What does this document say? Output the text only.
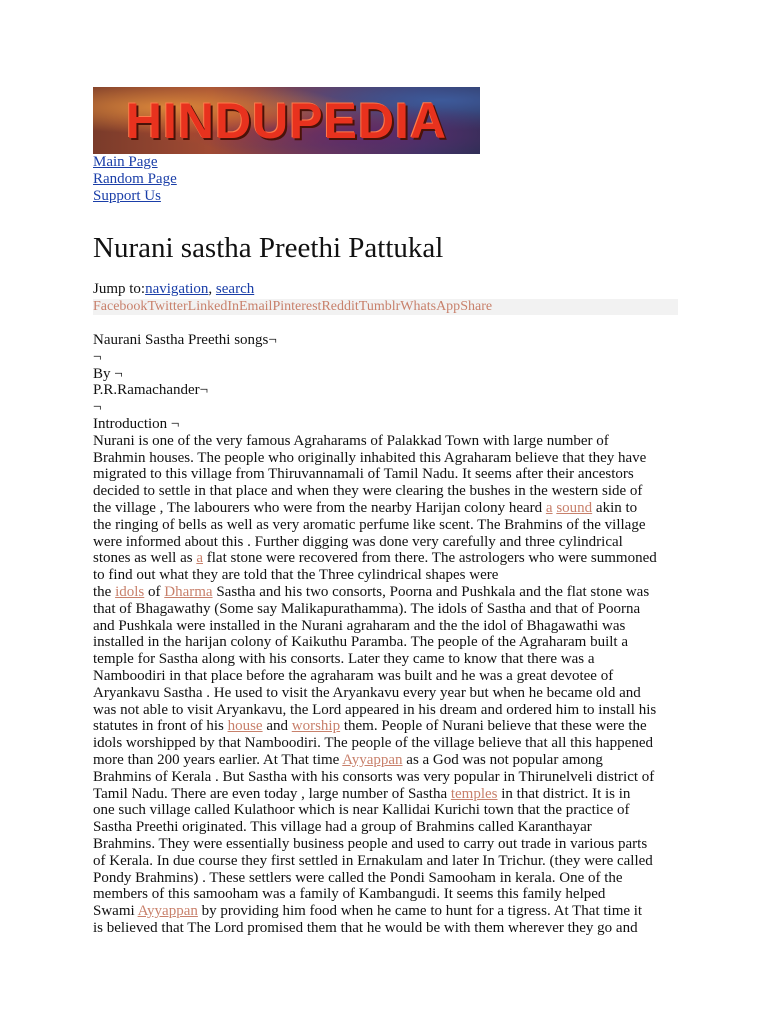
HINDUPEDIA
Main Page
Random Page
Support Us
Nurani sastha Preethi Pattukal
Jump to:navigation, search
FacebookTwitterLinkedInEmailPinterestRedditTumblrWhatsAppShare
Naurani Sastha Preethi songs¬
¬
By ¬
P.R.Ramachander¬
¬
Introduction ¬
Nurani is one of the very famous Agraharams of Palakkad Town with large number of
Brahmin houses. The people who originally inhabited this Agraharam believe that they have
migrated to this village from Thiruvannamali of Tamil Nadu. It seems after their ancestors
decided to settle in that place and when they were clearing the bushes in the western side of
the village , The labourers who were from the nearby Harijan colony heard a sound akin to
the ringing of bells as well as very aromatic perfume like scent. The Brahmins of the village
were informed about this . Further digging was done very carefully and three cylindrical
stones as well as a flat stone were recovered from there. The astrologers who were summoned
to find out what they are told that the Three cylindrical shapes were
the idols of Dharma Sastha and his two consorts, Poorna and Pushkala and the flat stone was
that of Bhagawathy (Some say Malikapurathamma). The idols of Sastha and that of Poorna
and Pushkala were installed in the Nurani agraharam and the the idol of Bhagawathi was
installed in the harijan colony of Kaikuthu Paramba. The people of the Agraharam built a
temple for Sastha along with his consorts. Later they came to know that there was a
Namboodiri in that place before the agraharam was built and he was a great devotee of
Aryankavu Sastha . He used to visit the Aryankavu every year but when he became old and
was not able to visit Aryankavu, the Lord appeared in his dream and ordered him to install his
statutes in front of his house and worship them. People of Nurani believe that these were the
idols worshipped by that Namboodiri. The people of the village believe that all this happened
more than 200 years earlier. At That time Ayyappan as a God was not popular among
Brahmins of Kerala . But Sastha with his consorts was very popular in Thirunelveli district of
Tamil Nadu. There are even today , large number of Sastha temples in that district. It is in
one such village called Kulathoor which is near Kallidai Kurichi town that the practice of
Sastha Preethi originated. This village had a group of Brahmins called Karanthayar
Brahmins. They were essentially business people and used to carry out trade in various parts
of Kerala. In due course they first settled in Ernakulam and later In Trichur. (they were called
Pondy Brahmins) . These settlers were called the Pondi Samooham in kerala. One of the
members of this samooham was a family of Kambangudi. It seems this family helped
Swami Ayyappan by providing him food when he came to hunt for a tigress. At That time it
is believed that The Lord promised them that he would be with them wherever they go and
